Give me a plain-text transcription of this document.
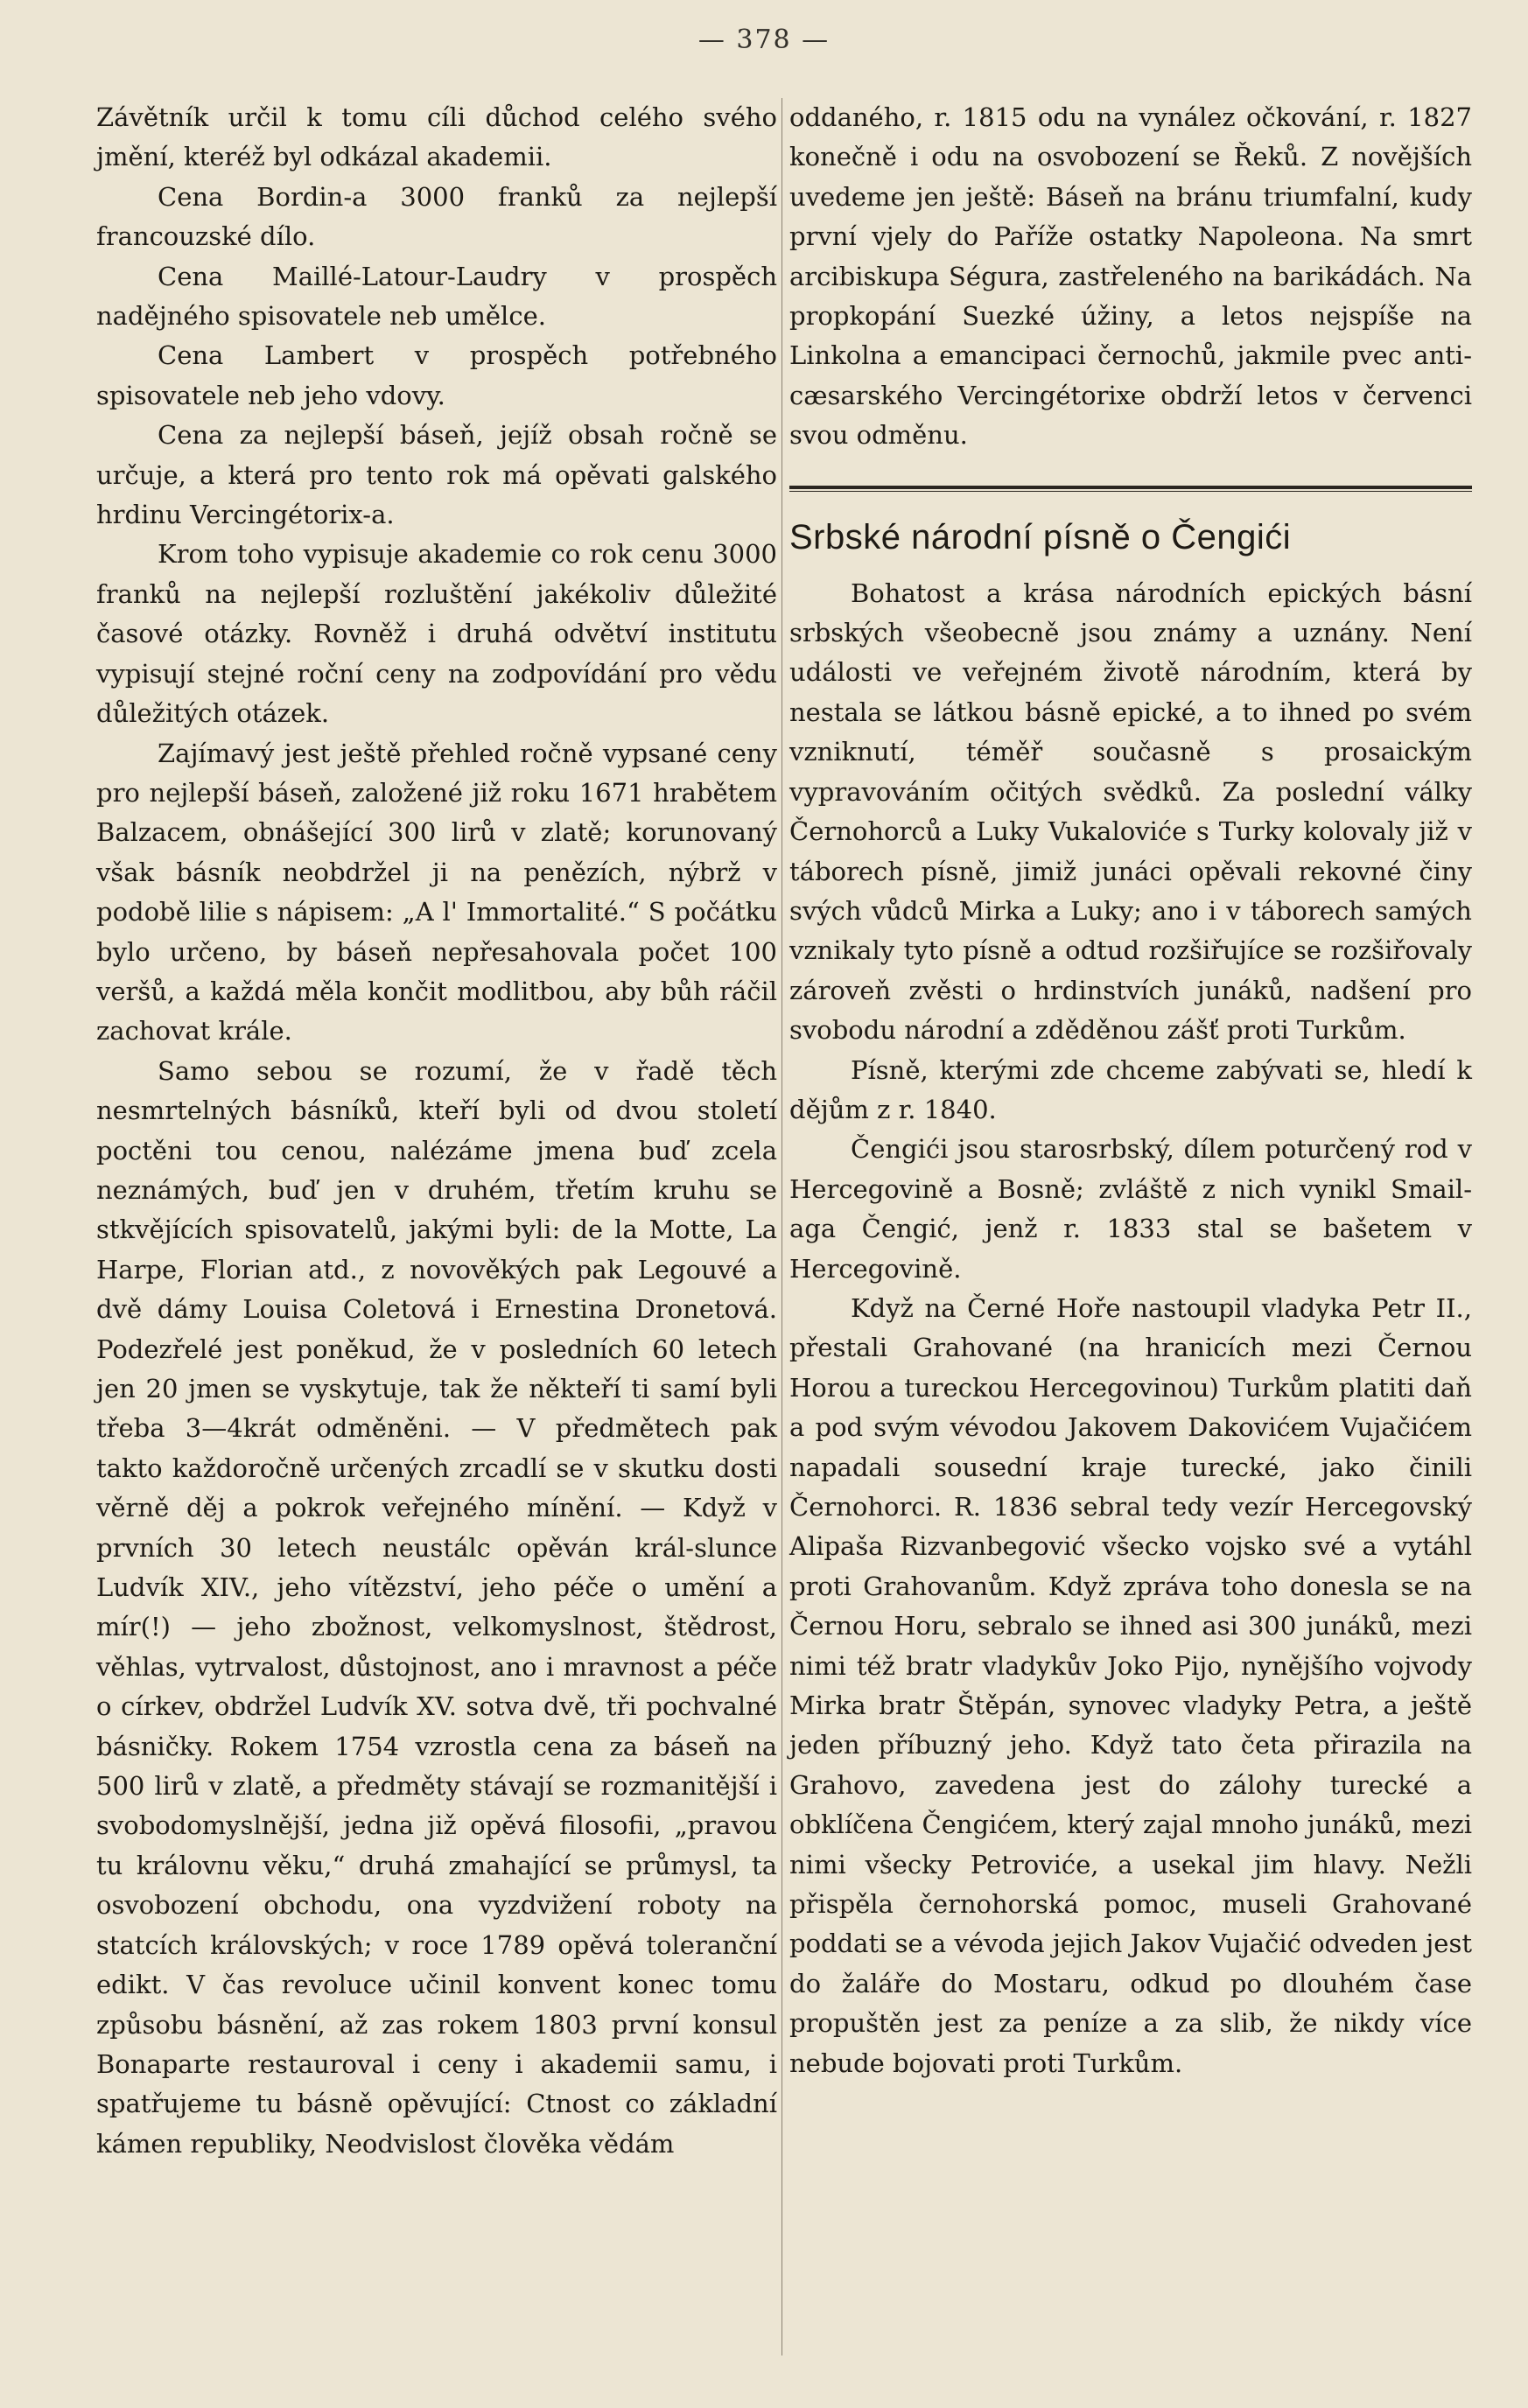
— 378 —

Závětník určil k tomu cíli důchod celého svého jmění, kteréž byl odkázal akademii.

Cena Bordin-a 3000 franků za nejlepší francouzské dílo.

Cena Maillé-Latour-Laudry v prospěch nadějného spisovatele neb umělce.

Cena Lambert v prospěch potřebného spisovatele neb jeho vdovy.

Cena za nejlepší báseň, jejíž obsah ročně se určuje, a která pro tento rok má opěvati galského hrdinu Vercingétorix-a.

Krom toho vypisuje akademie co rok cenu 3000 franků na nejlepší rozluštění jakékoliv důležité časové otázky. Rovněž i druhá odvětví institutu vypisují stejné roční ceny na zodpovídání pro vědu důležitých otázek.

Zajímavý jest ještě přehled ročně vypsané ceny pro nejlepší báseň, založené již roku 1671 hrabětem Balzacem, obnášející 300 lirů v zlatě; korunovaný však básník neobdržel ji na penězích, nýbrž v podobě lilie s nápisem: „A l' Immortalité.“ S počátku bylo určeno, by báseň nepřesahovala počet 100 veršů, a každá měla končit modlitbou, aby bůh ráčil zachovat krále.

Samo sebou se rozumí, že v řadě těch nesmrtelných básníků, kteří byli od dvou století poctěni tou cenou, nalézáme jmena buď zcela neznámých, buď jen v druhém, třetím kruhu se stkvějících spisovatelů, jakými byli: de la Motte, La Harpe, Florian atd., z novověkých pak Legouvé a dvě dámy Louisa Coletová i Ernestina Dronetová. Podezřelé jest poněkud, že v posledních 60 letech jen 20 jmen se vyskytuje, tak že někteří ti samí byli třeba 3—4krát odměněni. — V předmětech pak takto každoročně určených zrcadlí se v skutku dosti věrně děj a pokrok veřejného mínění. — Když v prvních 30 letech neustálc opěván král-slunce Ludvík XIV., jeho vítězství, jeho péče o umění a mír(!) — jeho zbožnost, velkomyslnost, štědrost, věhlas, vytrvalost, důstojnost, ano i mravnost a péče o církev, obdržel Ludvík XV. sotva dvě, tři pochvalné básničky. Rokem 1754 vzrostla cena za báseň na 500 lirů v zlatě, a předměty stávají se rozmanitější i svobodomyslnější, jedna již opěvá filosofii, „pravou tu královnu věku,“ druhá zmahající se průmysl, ta osvobození obchodu, ona vyzdvižení roboty na statcích královských; v roce 1789 opěvá toleranční edikt. V čas revoluce učinil konvent konec tomu způsobu básnění, až zas rokem 1803 první konsul Bonaparte restauroval i ceny i akademii samu, i spatřujeme tu básně opěvující: Ctnost co základní kámen republiky, Neodvislost člověka vědám

oddaného, r. 1815 odu na vynález očkování, r. 1827 konečně i odu na osvobození se Řeků. Z novějších uvedeme jen ještě: Báseň na bránu triumfalní, kudy první vjely do Paříže ostatky Napoleona. Na smrt arcibiskupa Ségura, zastřeleného na barikádách. Na propkopání Suezké úžiny, a letos nejspíše na Linkolna a emancipaci černochů, jakmile pvec anti-cæsarského Vercingétorixe obdrží letos v červenci svou odměnu.

Srbské národní písně o Čengići

Bohatost a krása národních epických básní srbských všeobecně jsou známy a uznány. Není události ve veřejném životě národním, která by nestala se látkou básně epické, a to ihned po svém vzniknutí, téměř současně s prosaickým vypravováním očitých svědků. Za poslední války Černohorců a Luky Vukaloviće s Turky kolovaly již v táborech písně, jimiž junáci opěvali rekovné činy svých vůdců Mirka a Luky; ano i v táborech samých vznikaly tyto písně a odtud rozšiřujíce se rozšiřovaly zároveň zvěsti o hrdinstvích junáků, nadšení pro svobodu národní a zděděnou zášť proti Turkům.

Písně, kterými zde chceme zabývati se, hledí k dějům z r. 1840.

Čengići jsou starosrbský, dílem poturčený rod v Hercegovině a Bosně; zvláště z nich vynikl Smail-aga Čengić, jenž r. 1833 stal se bašetem v Hercegovině.

Když na Černé Hoře nastoupil vladyka Petr II., přestali Grahované (na hranicích mezi Černou Horou a tureckou Hercegovinou) Turkům platiti daň a pod svým vévodou Jakovem Dakovićem Vujačićem napadali sousední kraje turecké, jako činili Černohorci. R. 1836 sebral tedy vezír Hercegovský Alipaša Rizvanbegović všecko vojsko své a vytáhl proti Grahovanům. Když zpráva toho donesla se na Černou Horu, sebralo se ihned asi 300 junáků, mezi nimi též bratr vladykův Joko Pijo, nynějšího vojvody Mirka bratr Štěpán, synovec vladyky Petra, a ještě jeden příbuzný jeho. Když tato četa přirazila na Grahovo, zavedena jest do zálohy turecké a obklíčena Čengićem, který zajal mnoho junáků, mezi nimi všecky Petroviće, a usekal jim hlavy. Nežli přispěla černohorská pomoc, museli Grahované poddati se a vévoda jejich Jakov Vujačić odveden jest do žaláře do Mostaru, odkud po dlouhém čase propuštěn jest za peníze a za slib, že nikdy více nebude bojovati proti Turkům.
